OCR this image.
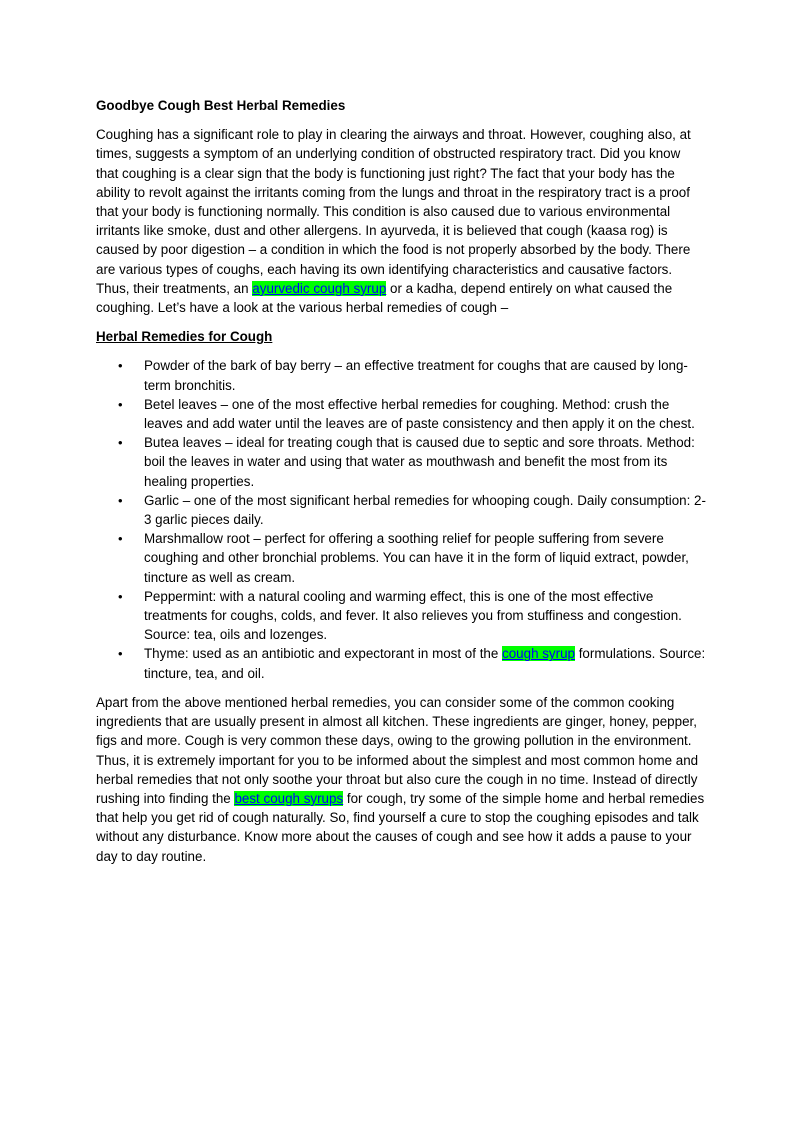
Goodbye Cough Best Herbal Remedies

Coughing has a significant role to play in clearing the airways and throat. However, coughing also, at times, suggests a symptom of an underlying condition of obstructed respiratory tract. Did you know that coughing is a clear sign that the body is functioning just right? The fact that your body has the ability to revolt against the irritants coming from the lungs and throat in the respiratory tract is a proof that your body is functioning normally. This condition is also caused due to various environmental irritants like smoke, dust and other allergens. In ayurveda, it is believed that cough (kaasa rog) is caused by poor digestion – a condition in which the food is not properly absorbed by the body. There are various types of coughs, each having its own identifying characteristics and causative factors. Thus, their treatments, an ayurvedic cough syrup or a kadha, depend entirely on what caused the coughing. Let’s have a look at the various herbal remedies of cough –

Herbal Remedies for Cough
• Powder of the bark of bay berry – an effective treatment for coughs that are caused by long-term bronchitis.
• Betel leaves – one of the most effective herbal remedies for coughing. Method: crush the leaves and add water until the leaves are of paste consistency and then apply it on the chest.
• Butea leaves – ideal for treating cough that is caused due to septic and sore throats. Method: boil the leaves in water and using that water as mouthwash and benefit the most from its healing properties.
• Garlic – one of the most significant herbal remedies for whooping cough. Daily consumption: 2-3 garlic pieces daily.
• Marshmallow root – perfect for offering a soothing relief for people suffering from severe coughing and other bronchial problems. You can have it in the form of liquid extract, powder, tincture as well as cream.
• Peppermint: with a natural cooling and warming effect, this is one of the most effective treatments for coughs, colds, and fever. It also relieves you from stuffiness and congestion. Source: tea, oils and lozenges.
• Thyme: used as an antibiotic and expectorant in most of the cough syrup formulations. Source: tincture, tea, and oil.

Apart from the above mentioned herbal remedies, you can consider some of the common cooking ingredients that are usually present in almost all kitchen. These ingredients are ginger, honey, pepper, figs and more. Cough is very common these days, owing to the growing pollution in the environment. Thus, it is extremely important for you to be informed about the simplest and most common home and herbal remedies that not only soothe your throat but also cure the cough in no time. Instead of directly rushing into finding the best cough syrups for cough, try some of the simple home and herbal remedies that help you get rid of cough naturally. So, find yourself a cure to stop the coughing episodes and talk without any disturbance. Know more about the causes of cough and see how it adds a pause to your day to day routine.
